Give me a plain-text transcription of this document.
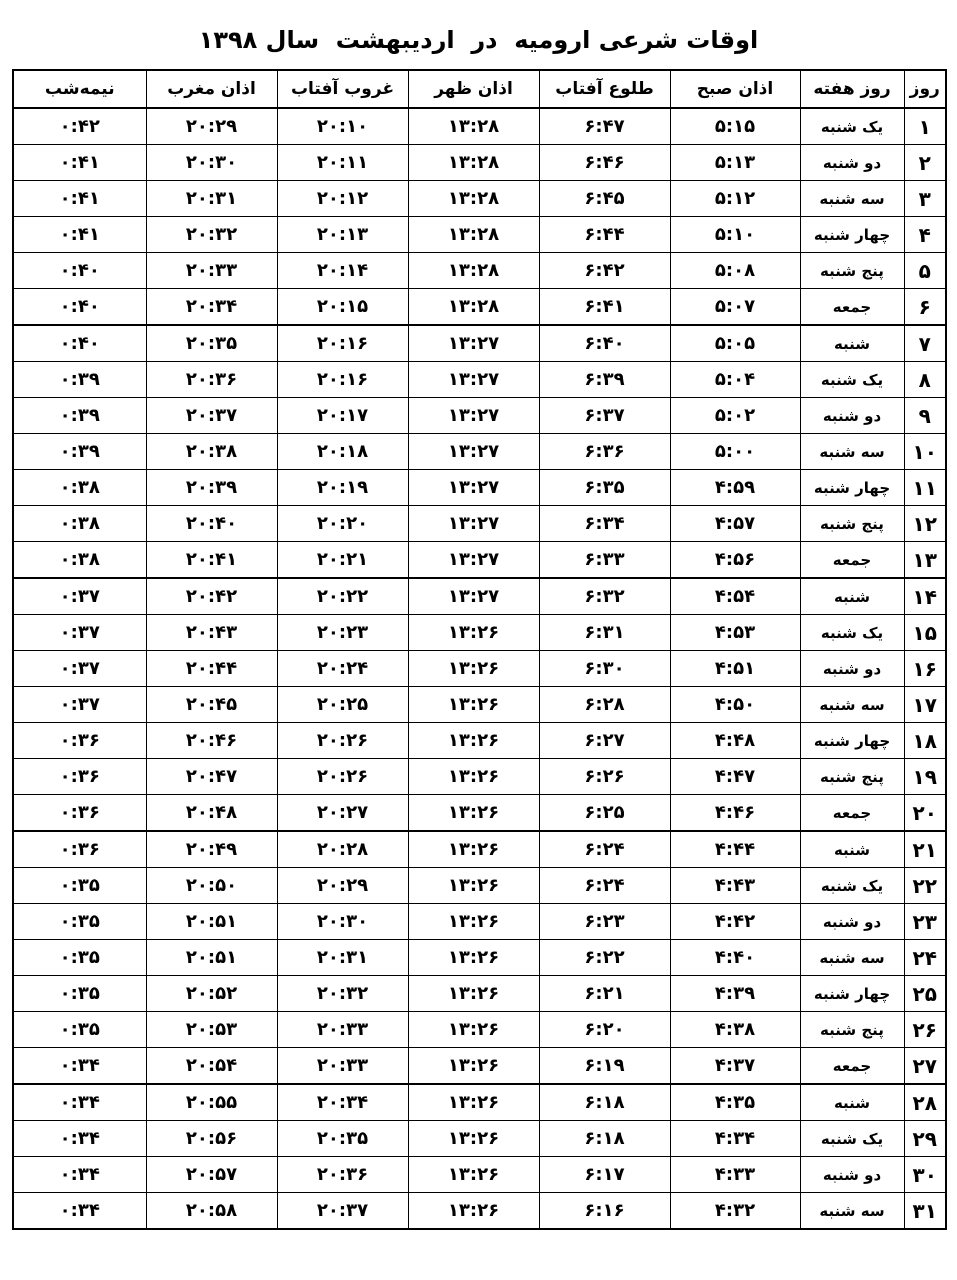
اوقات شرعی ارومیه  در  اردیبهشت  سال ۱۳۹۸
روز	روز هفته	اذان صبح	طلوع آفتاب	اذان ظهر	غروب آفتاب	اذان مغرب	نیمه‌شب
۱	یک شنبه	۵:۱۵	۶:۴۷	۱۳:۲۸	۲۰:۱۰	۲۰:۲۹	۰:۴۲
۲	دو شنبه	۵:۱۳	۶:۴۶	۱۳:۲۸	۲۰:۱۱	۲۰:۳۰	۰:۴۱
۳	سه شنبه	۵:۱۲	۶:۴۵	۱۳:۲۸	۲۰:۱۲	۲۰:۳۱	۰:۴۱
۴	چهار شنبه	۵:۱۰	۶:۴۴	۱۳:۲۸	۲۰:۱۳	۲۰:۳۲	۰:۴۱
۵	پنج شنبه	۵:۰۸	۶:۴۲	۱۳:۲۸	۲۰:۱۴	۲۰:۳۳	۰:۴۰
۶	جمعه	۵:۰۷	۶:۴۱	۱۳:۲۸	۲۰:۱۵	۲۰:۳۴	۰:۴۰
۷	شنبه	۵:۰۵	۶:۴۰	۱۳:۲۷	۲۰:۱۶	۲۰:۳۵	۰:۴۰
۸	یک شنبه	۵:۰۴	۶:۳۹	۱۳:۲۷	۲۰:۱۶	۲۰:۳۶	۰:۳۹
۹	دو شنبه	۵:۰۲	۶:۳۷	۱۳:۲۷	۲۰:۱۷	۲۰:۳۷	۰:۳۹
۱۰	سه شنبه	۵:۰۰	۶:۳۶	۱۳:۲۷	۲۰:۱۸	۲۰:۳۸	۰:۳۹
۱۱	چهار شنبه	۴:۵۹	۶:۳۵	۱۳:۲۷	۲۰:۱۹	۲۰:۳۹	۰:۳۸
۱۲	پنج شنبه	۴:۵۷	۶:۳۴	۱۳:۲۷	۲۰:۲۰	۲۰:۴۰	۰:۳۸
۱۳	جمعه	۴:۵۶	۶:۳۳	۱۳:۲۷	۲۰:۲۱	۲۰:۴۱	۰:۳۸
۱۴	شنبه	۴:۵۴	۶:۳۲	۱۳:۲۷	۲۰:۲۲	۲۰:۴۲	۰:۳۷
۱۵	یک شنبه	۴:۵۳	۶:۳۱	۱۳:۲۶	۲۰:۲۳	۲۰:۴۳	۰:۳۷
۱۶	دو شنبه	۴:۵۱	۶:۳۰	۱۳:۲۶	۲۰:۲۴	۲۰:۴۴	۰:۳۷
۱۷	سه شنبه	۴:۵۰	۶:۲۸	۱۳:۲۶	۲۰:۲۵	۲۰:۴۵	۰:۳۷
۱۸	چهار شنبه	۴:۴۸	۶:۲۷	۱۳:۲۶	۲۰:۲۶	۲۰:۴۶	۰:۳۶
۱۹	پنج شنبه	۴:۴۷	۶:۲۶	۱۳:۲۶	۲۰:۲۶	۲۰:۴۷	۰:۳۶
۲۰	جمعه	۴:۴۶	۶:۲۵	۱۳:۲۶	۲۰:۲۷	۲۰:۴۸	۰:۳۶
۲۱	شنبه	۴:۴۴	۶:۲۴	۱۳:۲۶	۲۰:۲۸	۲۰:۴۹	۰:۳۶
۲۲	یک شنبه	۴:۴۳	۶:۲۴	۱۳:۲۶	۲۰:۲۹	۲۰:۵۰	۰:۳۵
۲۳	دو شنبه	۴:۴۲	۶:۲۳	۱۳:۲۶	۲۰:۳۰	۲۰:۵۱	۰:۳۵
۲۴	سه شنبه	۴:۴۰	۶:۲۲	۱۳:۲۶	۲۰:۳۱	۲۰:۵۱	۰:۳۵
۲۵	چهار شنبه	۴:۳۹	۶:۲۱	۱۳:۲۶	۲۰:۳۲	۲۰:۵۲	۰:۳۵
۲۶	پنج شنبه	۴:۳۸	۶:۲۰	۱۳:۲۶	۲۰:۳۳	۲۰:۵۳	۰:۳۵
۲۷	جمعه	۴:۳۷	۶:۱۹	۱۳:۲۶	۲۰:۳۳	۲۰:۵۴	۰:۳۴
۲۸	شنبه	۴:۳۵	۶:۱۸	۱۳:۲۶	۲۰:۳۴	۲۰:۵۵	۰:۳۴
۲۹	یک شنبه	۴:۳۴	۶:۱۸	۱۳:۲۶	۲۰:۳۵	۲۰:۵۶	۰:۳۴
۳۰	دو شنبه	۴:۳۳	۶:۱۷	۱۳:۲۶	۲۰:۳۶	۲۰:۵۷	۰:۳۴
۳۱	سه شنبه	۴:۳۲	۶:۱۶	۱۳:۲۶	۲۰:۳۷	۲۰:۵۸	۰:۳۴
